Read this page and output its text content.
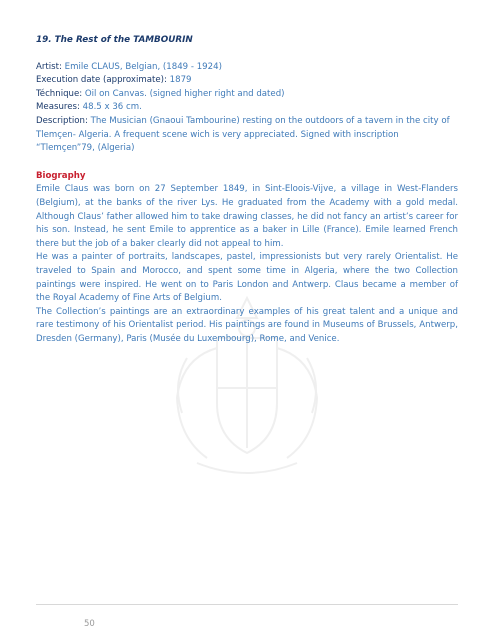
19. The Rest of the TAMBOURIN

Artist: Emile CLAUS, Belgian, (1849 - 1924)

Execution date (approximate): 1879

Téchnique: Oil on Canvas. (signed higher right and dated)

Measures: 48.5 x 36 cm.

Description: The Musician (Gnaoui Tambourine) resting on the outdoors of a tavern in the city of Tlemçen- Algeria. A frequent scene wich is very appreciated. Signed with inscription “Tlemçen”79, (Algeria)

Biography

Emile Claus was born on 27 September 1849, in Sint-Eloois-Vijve, a village in West-Flanders (Belgium), at the banks of the river Lys. He graduated from the Academy with a gold medal. Although Claus’ father allowed him to take drawing classes, he did not fancy an artist’s career for his son. Instead, he sent Emile to apprentice as a baker in Lille (France). Emile learned French there but the job of a baker clearly did not appeal to him.

He was a painter of portraits, landscapes, pastel, impressionists but very rarely Orientalist. He traveled to Spain and Morocco, and spent some time in Algeria, where the two Collection paintings were inspired. He went on to Paris London and Antwerp. Claus became a member of the Royal Academy of Fine Arts of Belgium.

The Collection’s paintings are an extraordinary examples of his great talent and a unique and rare testimony of his Orientalist period. His paintings are found in Museums of Brussels, Antwerp, Dresden (Germany), Paris (Musée du Luxembourg), Rome, and Venice.

50
